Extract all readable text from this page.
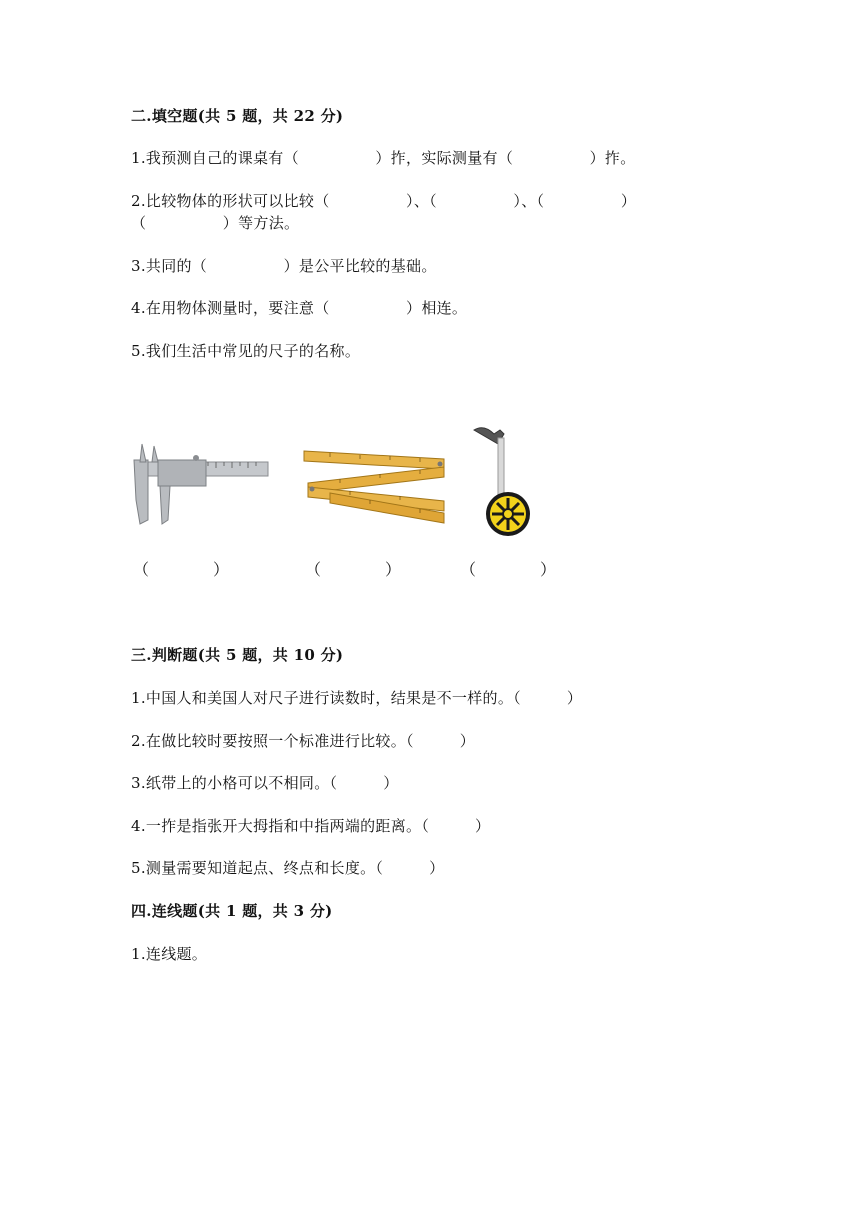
二.填空题(共 5 题，共 22 分)
1.我预测自己的课桌有（　　　　　）拃，实际测量有（　　　　　）拃。
2.比较物体的形状可以比较（　　　　　）、（　　　　　）、（　　　　　）
（　　　　　）等方法。
3.共同的（　　　　　）是公平比较的基础。
4.在用物体测量时，要注意（　　　　　）相连。
5.我们生活中常见的尺子的名称。
（　　　　）	（　　　　）	（　　　　）
三.判断题(共 5 题，共 10 分)
1.中国人和美国人对尺子进行读数时，结果是不一样的。（　　　）
2.在做比较时要按照一个标准进行比较。（　　　）
3.纸带上的小格可以不相同。（　　　）
4.一拃是指张开大拇指和中指两端的距离。（　　　）
5.测量需要知道起点、终点和长度。（　　　）
四.连线题(共 1 题，共 3 分)
1.连线题。
